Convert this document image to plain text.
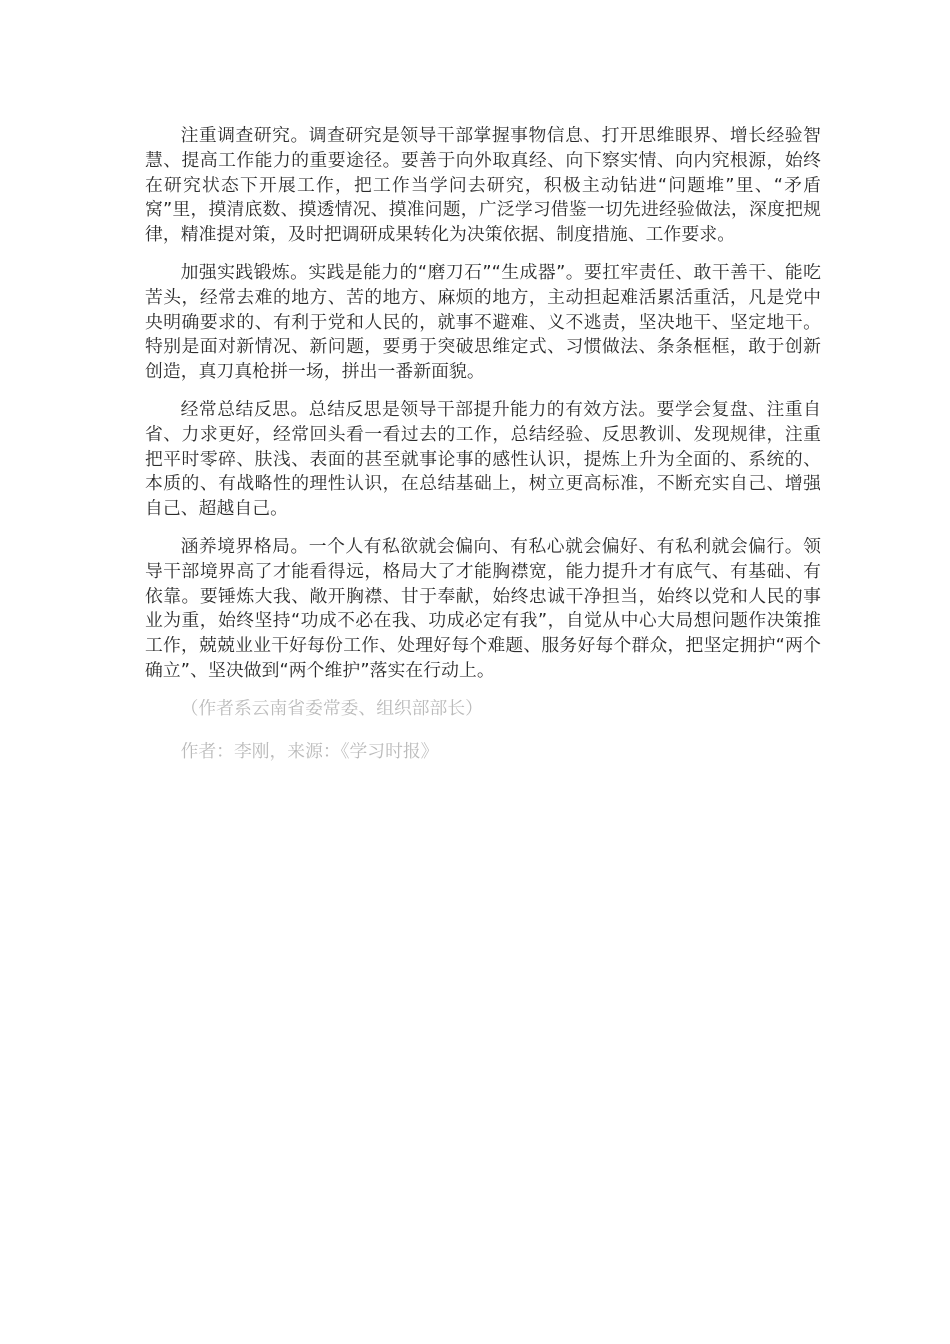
注重调查研究。调查研究是领导干部掌握事物信息、打开思维眼界、增长经验智慧、提高工作能力的重要途径。要善于向外取真经、向下察实情、向内究根源，始终在研究状态下开展工作，把工作当学问去研究，积极主动钻进“问题堆”里、“矛盾窝”里，摸清底数、摸透情况、摸准问题，广泛学习借鉴一切先进经验做法，深度把规律，精准提对策，及时把调研成果转化为决策依据、制度措施、工作要求。

加强实践锻炼。实践是能力的“磨刀石”“生成器”。要扛牢责任、敢干善干、能吃苦头，经常去难的地方、苦的地方、麻烦的地方，主动担起难活累活重活，凡是党中央明确要求的、有利于党和人民的，就事不避难、义不逃责，坚决地干、坚定地干。特别是面对新情况、新问题，要勇于突破思维定式、习惯做法、条条框框，敢于创新创造，真刀真枪拼一场，拼出一番新面貌。

经常总结反思。总结反思是领导干部提升能力的有效方法。要学会复盘、注重自省、力求更好，经常回头看一看过去的工作，总结经验、反思教训、发现规律，注重把平时零碎、肤浅、表面的甚至就事论事的感性认识，提炼上升为全面的、系统的、本质的、有战略性的理性认识，在总结基础上，树立更高标准，不断充实自己、增强自己、超越自己。

涵养境界格局。一个人有私欲就会偏向、有私心就会偏好、有私利就会偏行。领导干部境界高了才能看得远，格局大了才能胸襟宽，能力提升才有底气、有基础、有依靠。要锤炼大我、敞开胸襟、甘于奉献，始终忠诚干净担当，始终以党和人民的事业为重，始终坚持“功成不必在我、功成必定有我”，自觉从中心大局想问题作决策推工作，兢兢业业干好每份工作、处理好每个难题、服务好每个群众，把坚定拥护“两个确立”、坚决做到“两个维护”落实在行动上。

（作者系云南省委常委、组织部部长）

作者：李刚，来源：《学习时报》
